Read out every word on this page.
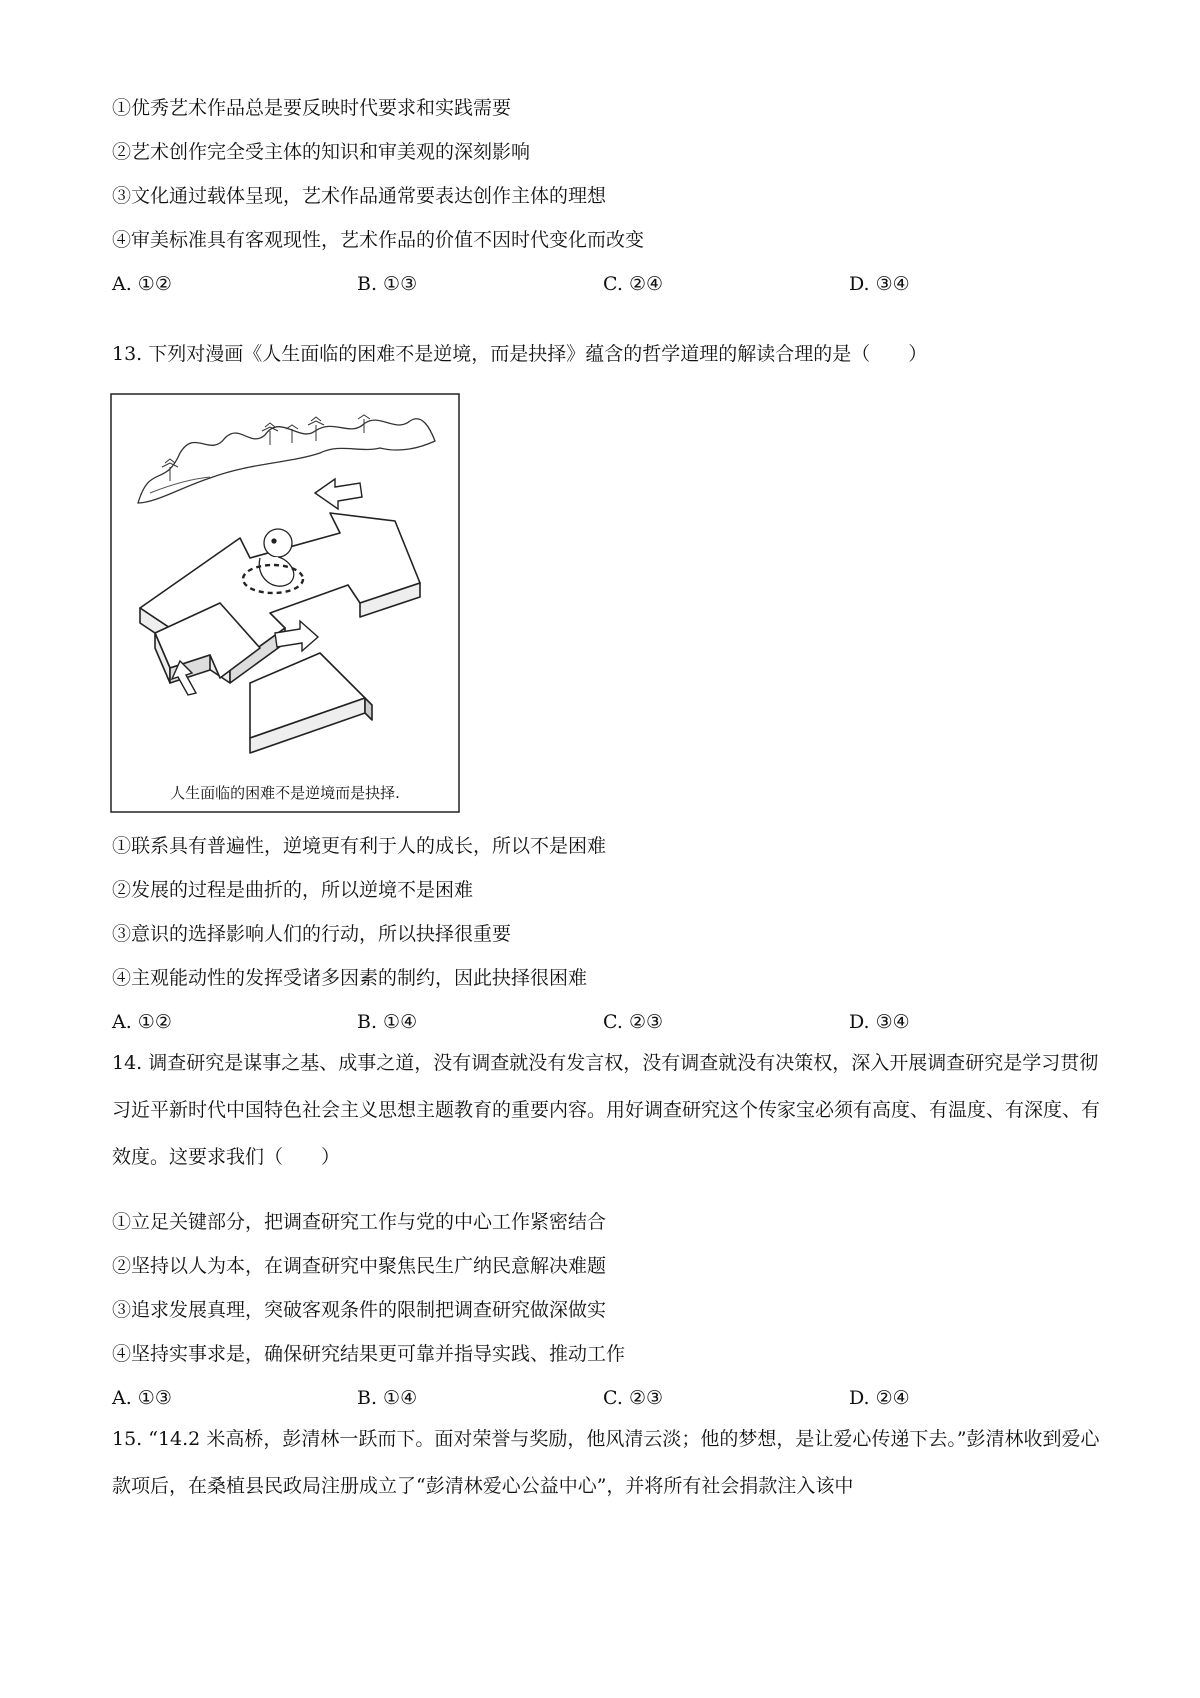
①优秀艺术作品总是要反映时代要求和实践需要
②艺术创作完全受主体的知识和审美观的深刻影响
③文化通过载体呈现，艺术作品通常要表达创作主体的理想
④审美标准具有客观现性，艺术作品的价值不因时代变化而改变
A. ①②	B. ①③	C. ②④	D. ③④
13. 下列对漫画《人生面临的困难不是逆境，而是抉择》蕴含的哲学道理的解读合理的是（　　）
人生面临的困难不是逆境而是抉择.
①联系具有普遍性，逆境更有利于人的成长，所以不是困难
②发展的过程是曲折的，所以逆境不是困难
③意识的选择影响人们的行动，所以抉择很重要
④主观能动性的发挥受诸多因素的制约，因此抉择很困难
A. ①②	B. ①④	C. ②③	D. ③④
14. 调查研究是谋事之基、成事之道，没有调查就没有发言权，没有调查就没有决策权，深入开展调查研究是学习贯彻习近平新时代中国特色社会主义思想主题教育的重要内容。用好调查研究这个传家宝必须有高度、有温度、有深度、有效度。这要求我们（　　）
①立足关键部分，把调查研究工作与党的中心工作紧密结合
②坚持以人为本，在调查研究中聚焦民生广纳民意解决难题
③追求发展真理，突破客观条件的限制把调查研究做深做实
④坚持实事求是，确保研究结果更可靠并指导实践、推动工作
A. ①③	B. ①④	C. ②③	D. ②④
15. “14.2 米高桥，彭清林一跃而下。面对荣誉与奖励，他风清云淡；他的梦想，是让爱心传递下去。”彭清林收到爱心款项后，在桑植县民政局注册成立了“彭清林爱心公益中心”，并将所有社会捐款注入该中
